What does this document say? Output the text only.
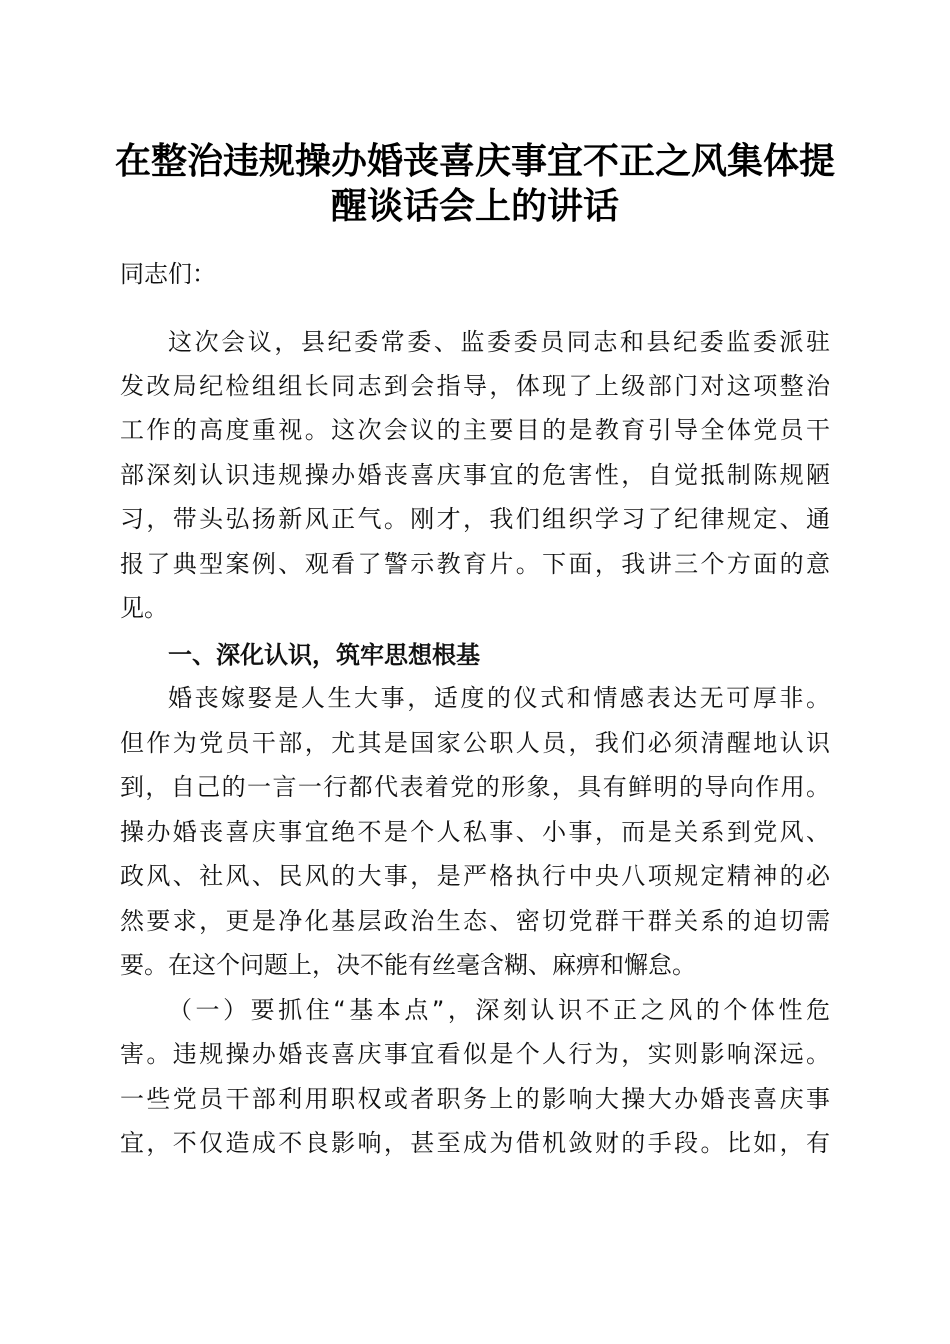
在整治违规操办婚丧喜庆事宜不正之风集体提
醒谈话会上的讲话
同志们：
这次会议，县纪委常委、监委委员同志和县纪委监委派驻
发改局纪检组组长同志到会指导，体现了上级部门对这项整治
工作的高度重视。这次会议的主要目的是教育引导全体党员干
部深刻认识违规操办婚丧喜庆事宜的危害性，自觉抵制陈规陋
习，带头弘扬新风正气。刚才，我们组织学习了纪律规定、通
报了典型案例、观看了警示教育片。下面，我讲三个方面的意
见。
一、深化认识，筑牢思想根基
婚丧嫁娶是人生大事，适度的仪式和情感表达无可厚非。
但作为党员干部，尤其是国家公职人员，我们必须清醒地认识
到，自己的一言一行都代表着党的形象，具有鲜明的导向作用。
操办婚丧喜庆事宜绝不是个人私事、小事，而是关系到党风、
政风、社风、民风的大事，是严格执行中央八项规定精神的必
然要求，更是净化基层政治生态、密切党群干群关系的迫切需
要。在这个问题上，决不能有丝毫含糊、麻痹和懈怠。
（一）要抓住“基本点”，深刻认识不正之风的个体性危
害。违规操办婚丧喜庆事宜看似是个人行为，实则影响深远。
一些党员干部利用职权或者职务上的影响大操大办婚丧喜庆事
宜，不仅造成不良影响，甚至成为借机敛财的手段。比如，有
